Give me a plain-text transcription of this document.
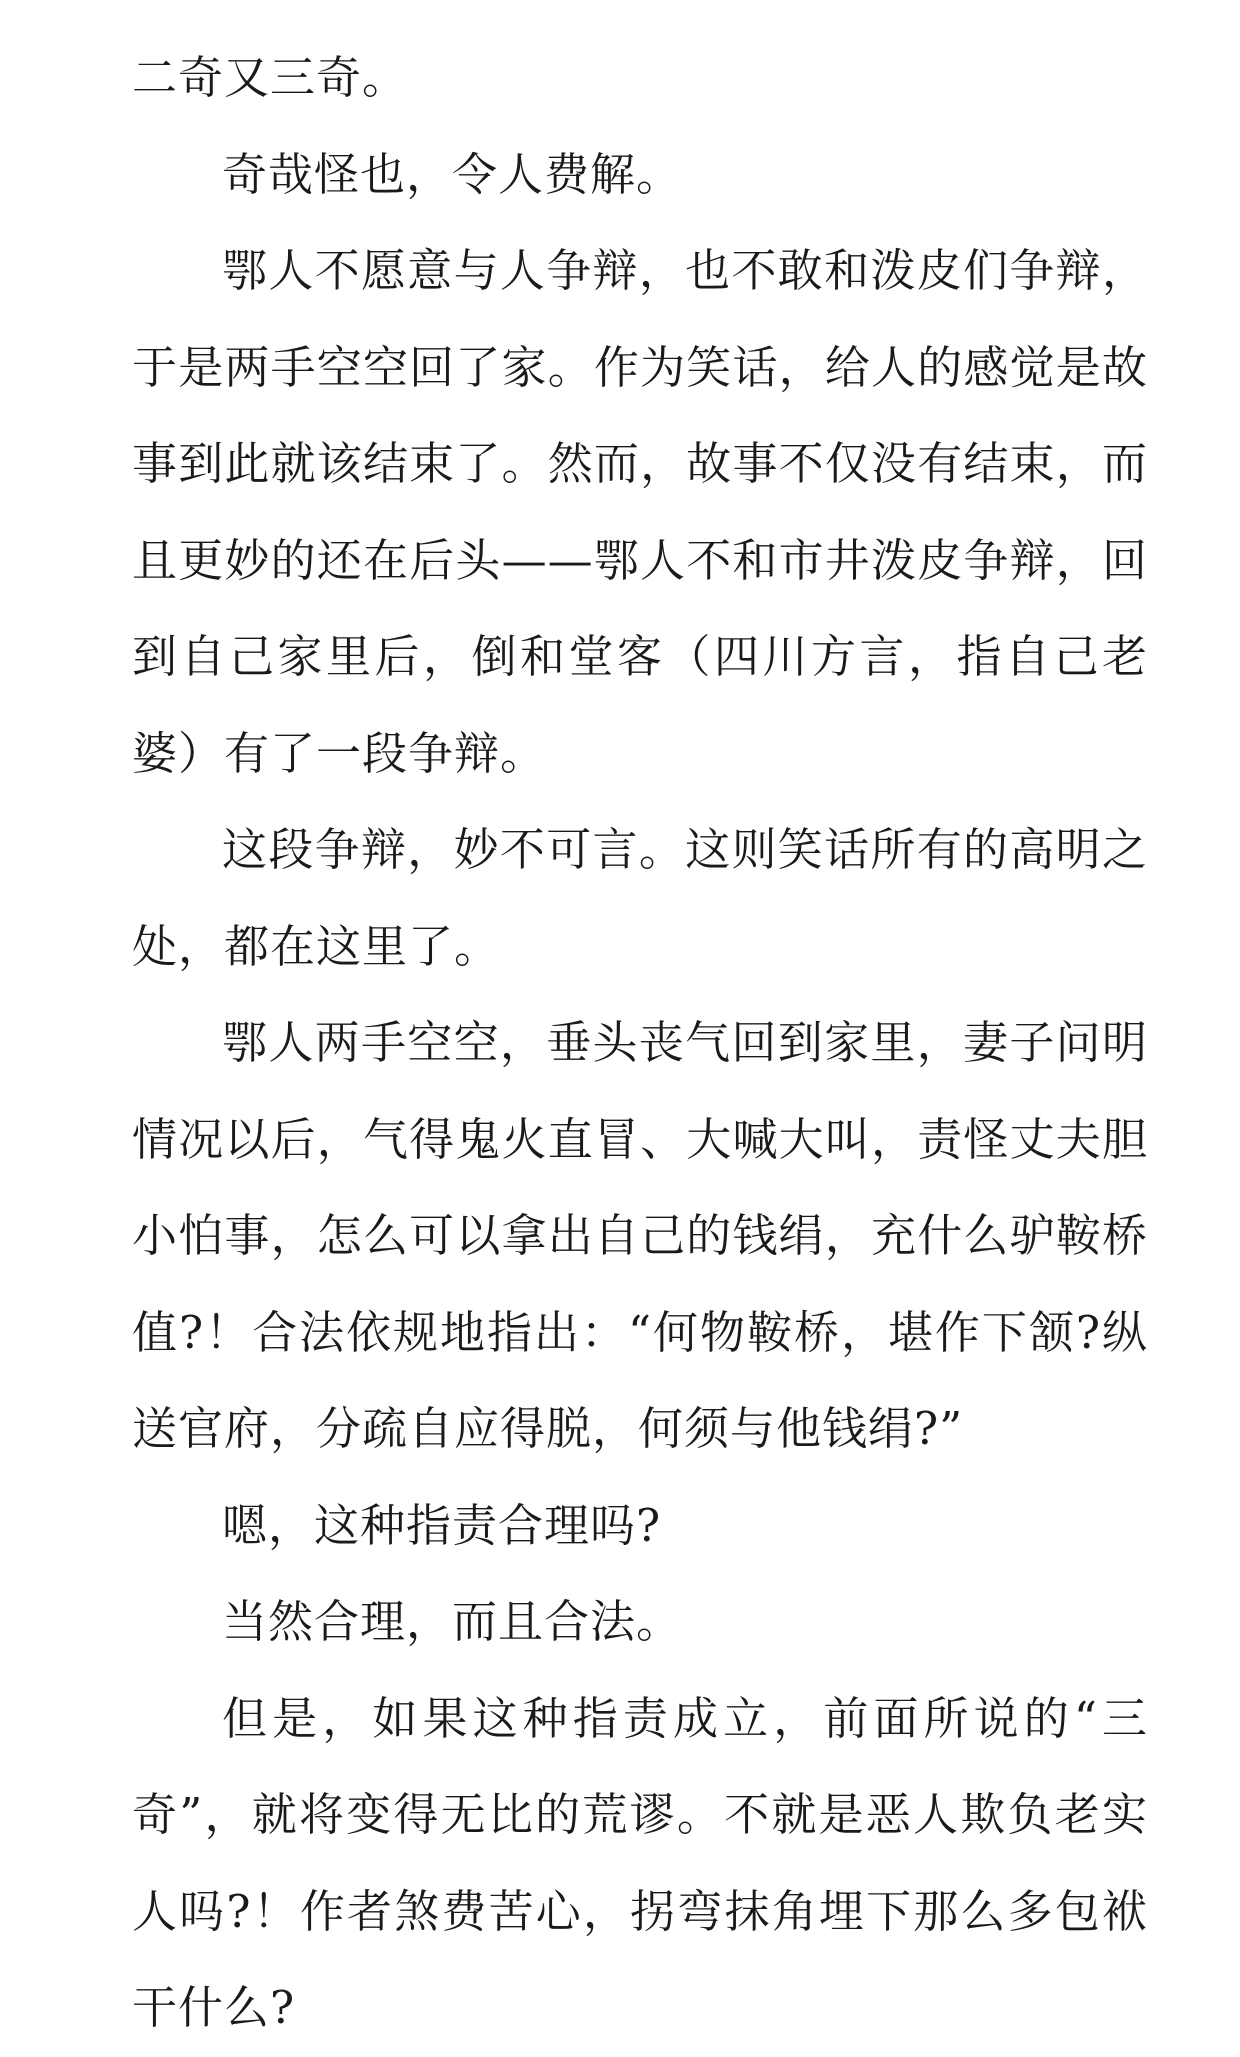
二奇又三奇。

奇哉怪也，令人费解。

鄂人不愿意与人争辩，也不敢和泼皮们争辩，于是两手空空回了家。作为笑话，给人的感觉是故事到此就该结束了。然而，故事不仅没有结束，而且更妙的还在后头——鄂人不和市井泼皮争辩，回到自己家里后，倒和堂客（四川方言，指自己老婆）有了一段争辩。

这段争辩，妙不可言。这则笑话所有的高明之处，都在这里了。

鄂人两手空空，垂头丧气回到家里，妻子问明情况以后，气得鬼火直冒、大喊大叫，责怪丈夫胆小怕事，怎么可以拿出自己的钱绢，充什么驴鞍桥值?！合法依规地指出：“何物鞍桥，堪作下颔?纵送官府，分疏自应得脱，何须与他钱绢?”

嗯，这种指责合理吗?

当然合理，而且合法。

但是，如果这种指责成立，前面所说的“三奇”，就将变得无比的荒谬。不就是恶人欺负老实人吗?！作者煞费苦心，拐弯抹角埋下那么多包袱干什么?
